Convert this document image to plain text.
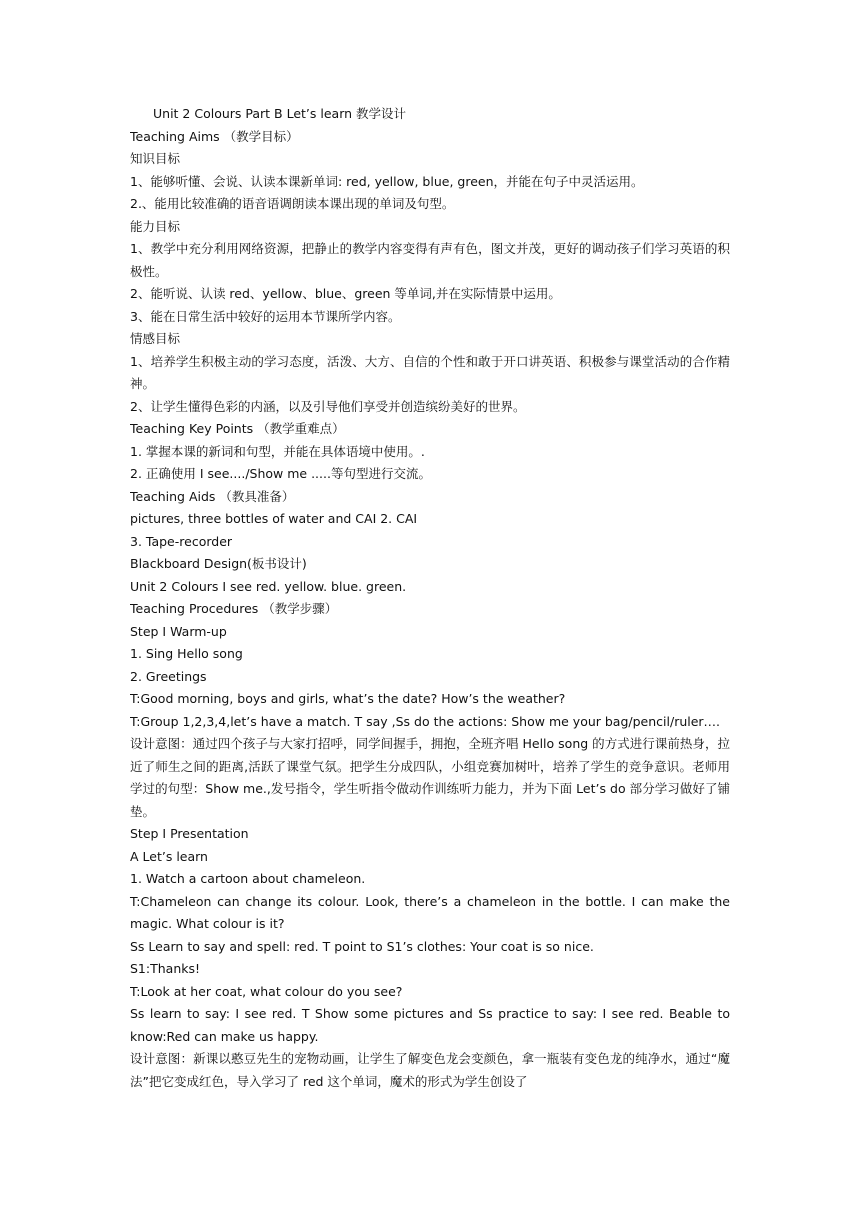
Unit 2 Colours Part B Let’s learn 教学设计
Teaching Aims （教学目标）
知识目标
1、能够听懂、会说、认读本课新单词: red, yellow, blue, green，并能在句子中灵活运用。
2.、能用比较准确的语音语调朗读本课出现的单词及句型。
能力目标
1、教学中充分利用网络资源，把静止的教学内容变得有声有色，图文并茂，更好的调动孩子们学习英语的积极性。
2、能听说、认读 red、yellow、blue、green 等单词,并在实际情景中运用。
3、能在日常生活中较好的运用本节课所学内容。
情感目标
1、培养学生积极主动的学习态度，活泼、大方、自信的个性和敢于开口讲英语、积极参与课堂活动的合作精神。
2、让学生懂得色彩的内涵，以及引导他们享受并创造缤纷美好的世界。
Teaching Key Points （教学重难点）
1. 掌握本课的新词和句型，并能在具体语境中使用。.
2. 正确使用 I see..../Show me .....等句型进行交流。
Teaching Aids （教具准备）
pictures, three bottles of water and CAI 2. CAI
3. Tape-recorder
Blackboard Design(板书设计)
Unit 2 Colours I see red. yellow. blue. green.
Teaching Procedures （教学步骤）
Step I Warm-up
1. Sing Hello song
2. Greetings
T:Good morning, boys and girls, what’s the date? How’s the weather?
T:Group 1,2,3,4,let’s have a match. T say ,Ss do the actions: Show me your bag/pencil/ruler….
设计意图：通过四个孩子与大家打招呼，同学间握手，拥抱，全班齐唱 Hello song 的方式进行课前热身，拉近了师生之间的距离,活跃了课堂气氛。把学生分成四队，小组竞赛加树叶，培养了学生的竞争意识。老师用学过的句型：Show me.,发号指令，学生听指令做动作训练听力能力，并为下面 Let’s do 部分学习做好了铺垫。
Step I Presentation
A Let’s learn
1. Watch a cartoon about chameleon.
T:Chameleon can change its colour. Look, there’s a chameleon in the bottle. I can make the magic. What colour is it?
Ss Learn to say and spell: red. T point to S1’s clothes: Your coat is so nice.
S1:Thanks!
T:Look at her coat, what colour do you see?
Ss learn to say: I see red. T Show some pictures and Ss practice to say: I see red. Beable to know:Red can make us happy.
设计意图：新课以憨豆先生的宠物动画，让学生了解变色龙会变颜色，拿一瓶装有变色龙的纯净水，通过“魔法”把它变成红色，导入学习了 red 这个单词，魔术的形式为学生创设了
